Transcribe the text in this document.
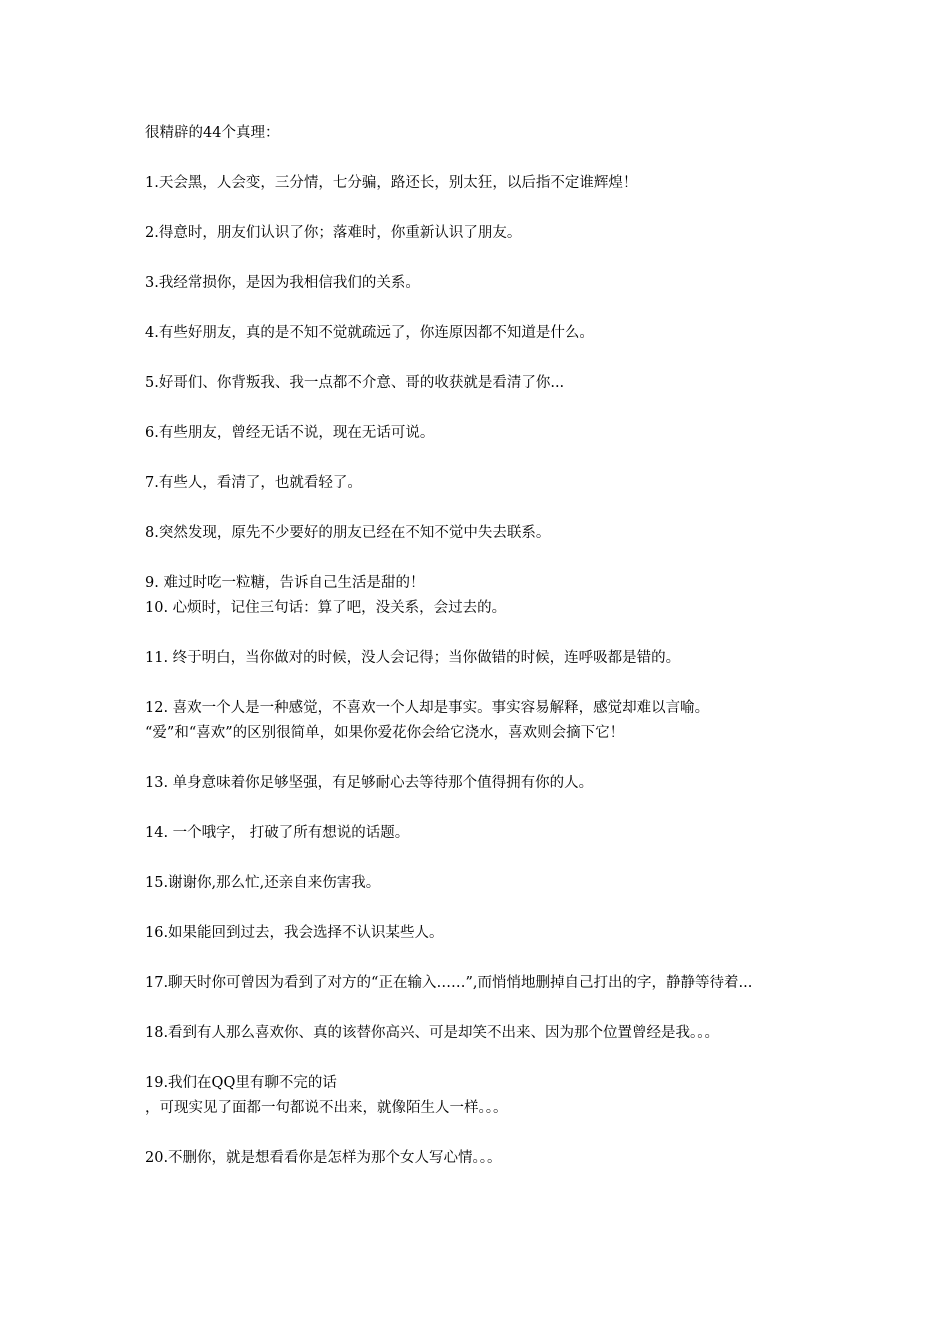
很精辟的44个真理：

1.天会黑，人会变，三分情，七分骗，路还长，别太狂，以后指不定谁辉煌！

2.得意时，朋友们认识了你；落难时，你重新认识了朋友。

3.我经常损你，是因为我相信我们的关系。

4.有些好朋友，真的是不知不觉就疏远了，你连原因都不知道是什么。

5.好哥们、你背叛我、我一点都不介意、哥的收获就是看清了你...

6.有些朋友，曾经无话不说，现在无话可说。

7.有些人，看清了，也就看轻了。

8.突然发现，原先不少要好的朋友已经在不知不觉中失去联系。

9. 难过时吃一粒糖，告诉自己生活是甜的！

10. 心烦时，记住三句话：算了吧，没关系，会过去的。

11. 终于明白，当你做对的时候，没人会记得；当你做错的时候，连呼吸都是错的。

12. 喜欢一个人是一种感觉，不喜欢一个人却是事实。事实容易解释，感觉却难以言喻。
“爱”和“喜欢”的区别很简单，如果你爱花你会给它浇水，喜欢则会摘下它！

13. 单身意味着你足够坚强，有足够耐心去等待那个值得拥有你的人。

14. 一个哦字， 打破了所有想说的话题。

15.谢谢你,那么忙,还亲自来伤害我。

16.如果能回到过去，我会选择不认识某些人。

17.聊天时你可曾因为看到了对方的“正在输入……”,而悄悄地删掉自己打出的字，静静等待着...

18.看到有人那么喜欢你、真的该替你高兴、可是却笑不出来、因为那个位置曾经是我。。。

19.我们在QQ里有聊不完的话
，可现实见了面都一句都说不出来，就像陌生人一样。。。

20.不删你，就是想看看你是怎样为那个女人写心情。。。
